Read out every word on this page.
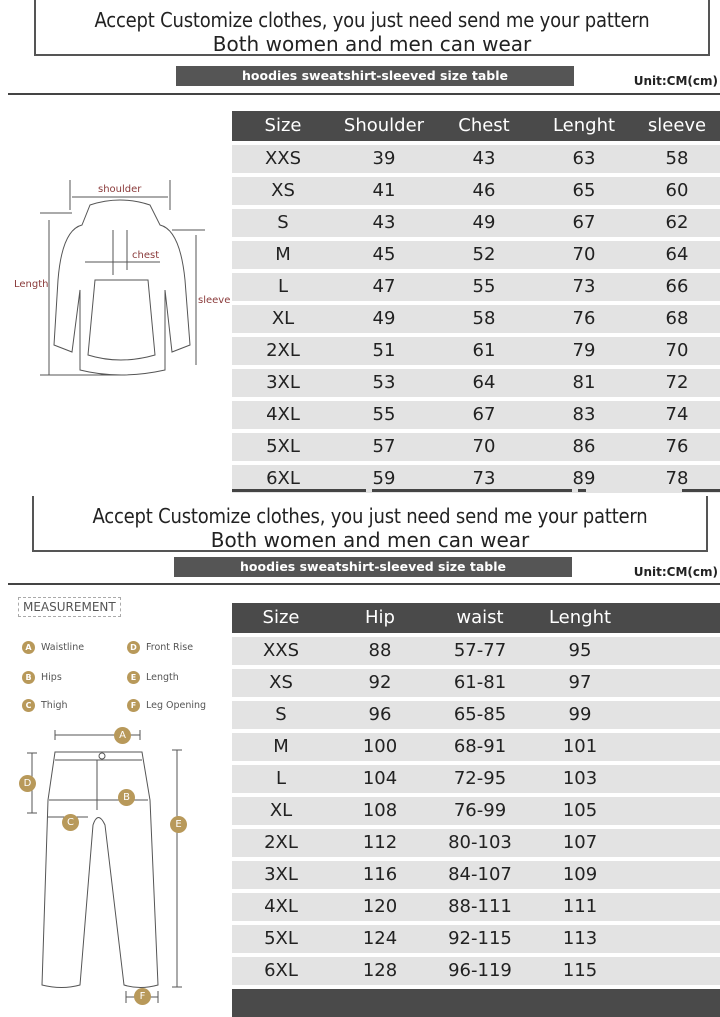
Accept Customize clothes, you just need send me your pattern
Both women and men can wear
hoodies sweatshirt-sleeved size table	Unit:CM(cm)
shoulder
chest
Length
sleeve
Size	Shoulder	Chest	Lenght	sleeve
XXS	39	43	63	58
XS	41	46	65	60
S	43	49	67	62
M	45	52	70	64
L	47	55	73	66
XL	49	58	76	68
2XL	51	61	79	70
3XL	53	64	81	72
4XL	55	67	83	74
5XL	57	70	86	76
6XL	59	73	89	78
Accept Customize clothes, you just need send me your pattern
Both women and men can wear
hoodies sweatshirt-sleeved size table	Unit:CM(cm)
MEASUREMENT
A Waistline	D Front Rise
B Hips	E	Length
C	Thigh	F	Leg Opening
A
D
B
C	E
F
Size	Hip	waist	Lenght
XXS	88	57-77	95
XS	92	61-81	97
S	96	65-85	99
M	100	68-91	101
L	104	72-95	103
XL	108	76-99	105
2XL	112	80-103	107
3XL	116	84-107	109
4XL	120	88-111	111
5XL	124	92-115	113
6XL	128	96-119	115
